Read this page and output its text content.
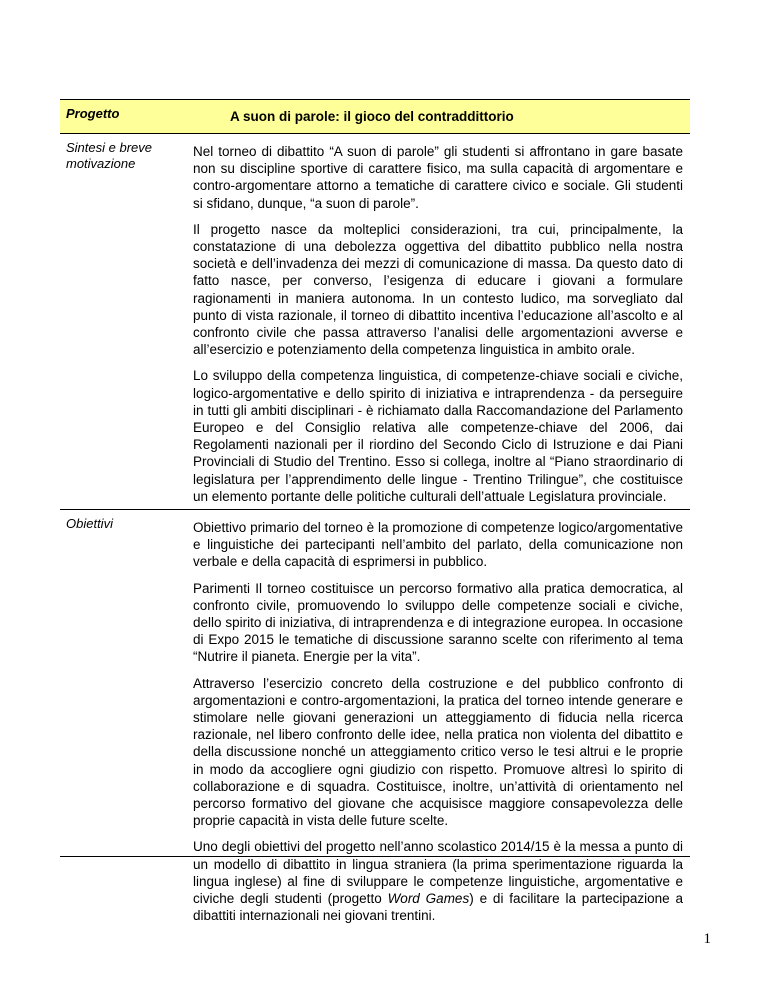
Progetto	A suon di parole: il gioco del contraddittorio
Sintesi e breve motivazione

Nel torneo di dibattito “A suon di parole” gli studenti si affrontano in gare basate non su discipline sportive di carattere fisico, ma sulla capacità di argomentare e contro-argomentare attorno a tematiche di carattere civico e sociale. Gli studenti si sfidano, dunque, “a suon di parole”.

Il progetto nasce da molteplici considerazioni, tra cui, principalmente, la constatazione di una debolezza oggettiva del dibattito pubblico nella nostra società e dell’invadenza dei mezzi di comunicazione di massa. Da questo dato di fatto nasce, per converso, l’esigenza di educare i giovani a formulare ragionamenti in maniera autonoma. In un contesto ludico, ma sorvegliato dal punto di vista razionale, il torneo di dibattito incentiva l’educazione all’ascolto e al confronto civile che passa attraverso l’analisi delle argomentazioni avverse e all’esercizio e potenziamento della competenza linguistica in ambito orale.

Lo sviluppo della competenza linguistica, di competenze-chiave sociali e civiche, logico-argomentative e dello spirito di iniziativa e intraprendenza - da perseguire in tutti gli ambiti disciplinari - è richiamato dalla Raccomandazione del Parlamento Europeo e del Consiglio relativa alle competenze-chiave del 2006, dai Regolamenti nazionali per il riordino del Secondo Ciclo di Istruzione e dai Piani Provinciali di Studio del Trentino. Esso si collega, inoltre al “Piano straordinario di legislatura per l’apprendimento delle lingue - Trentino Trilingue”, che costituisce un elemento portante delle politiche culturali dell’attuale Legislatura provinciale.

Obiettivi	Obiettivo primario del torneo è la promozione di competenze logico/argomentative e linguistiche dei partecipanti nell’ambito del parlato, della comunicazione non verbale e della capacità di esprimersi in pubblico.

Parimenti Il torneo costituisce un percorso formativo alla pratica democratica, al confronto civile, promuovendo lo sviluppo delle competenze sociali e civiche, dello spirito di iniziativa, di intraprendenza e di integrazione europea. In occasione di Expo 2015 le tematiche di discussione saranno scelte con riferimento al tema “Nutrire il pianeta. Energie per la vita”.

Attraverso l’esercizio concreto della costruzione e del pubblico confronto di argomentazioni e contro-argomentazioni, la pratica del torneo intende generare e stimolare nelle giovani generazioni un atteggiamento di fiducia nella ricerca razionale, nel libero confronto delle idee, nella pratica non violenta del dibattito e della discussione nonché un atteggiamento critico verso le tesi altrui e le proprie in modo da accogliere ogni giudizio con rispetto. Promuove altresì lo spirito di collaborazione e di squadra. Costituisce, inoltre, un’attività di orientamento nel percorso formativo del giovane che acquisisce maggiore consapevolezza delle proprie capacità in vista delle future scelte.

Uno degli obiettivi del progetto nell’anno scolastico 2014/15 è la messa a punto di un modello di dibattito in lingua straniera (la prima sperimentazione riguarda la lingua inglese) al fine di sviluppare le competenze linguistiche, argomentative e civiche degli studenti (progetto Word Games) e di facilitare la partecipazione a dibattiti internazionali nei giovani trentini.

1
